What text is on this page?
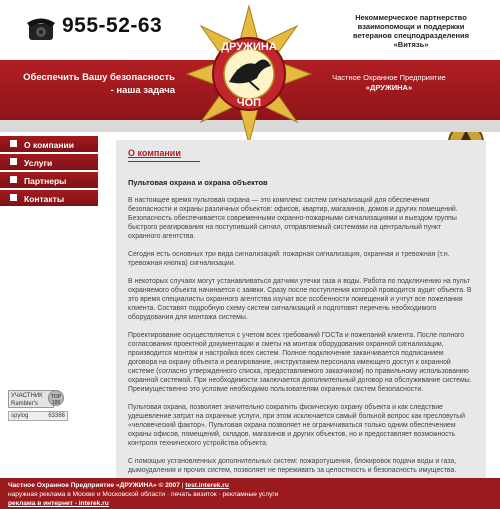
955-52-63	Некоммерческое партнерство
взаимопомощи и поддержки
ветеранов спецподразделения
«Витязь»
Обеспечить Вашу безопасность
- наша задача
Частное Охранное Предприятие
«ДРУЖИНА»
ДРУЖИНА
ЧОП
О компании
Услуги
Партнеры
Контакты
УЧАСТНИК
Rambler's
spylog	63366
TOP 100
О компании
Пультовая охрана и охрана объектов

В настоящее время пультовая охрана — это комплекс систем сигнализаций для обеспечения безопасности и охраны различных объектов: офисов, квартир, магазинов, домов и других помещений. Безопасность обеспечивается современными охранно-пожарными сигнализациями и выездом группы быстрого реагирования на поступивший сигнал, отправляемый системами на центральный пункт охранного агентства.

Сегодня есть основных три вида сигнализаций: пожарная сигнализация, охранная и тревожная (т.н. тревожная кнопка) сигнализации.

В некоторых случаях могут устанавливаться датчики утечки газа и воды. Работа по подключению на пульт охраняемого объекта начинается с заявки. Сразу после поступления которой проводится аудит объекта. В это время специалисты охранного агентства изучат все особенности помещений и учтут все пожелания клиента. Составят подробную схему систем сигнализаций и подготовят перечень необходимого оборудования для монтажа системы.

Проектирование осуществляется с учетом всех требований ГОСТа и пожеланий клиента. После полного согласования проектной документации и сметы на монтаж оборудования охранной сигнализации, производится монтаж и настройка всех систем. Полное подключение заканчивается подписанием договора на охрану объекта и реагирование, инструктажем персонала имеющего доступ к охранной системе (согласно утвержденного списка, предоставляемого заказчиком) по правильному использованию охранной системой. При необходимости заключается дополнительный договор на обслуживание системы. Преимущественно это условие необходимо пользователям охранных систем безопасности.

Пультовая охрана, позволяет значительно сократить физическую охрану объекта и как следствие удешевление затрат на охранные услуги, при этом исключается самый больной вопрос как пресловутый «человеческий фактор». Пультовая охрана позволяет не ограничиваться только одним обеспечением охраны офисов, помещений, складов, магазинов и других объектов, но и предоставляет возможность контроля технического устройства объекта.

С помощью установленных дополнительных систем: пожаротушения, блокировок подачи воды и газа, дымоудаления и прочих систем, позволяет не переживать за целостность и безопасность имущества.

Частное Охранное Предприятие «ДРУЖИНА» © 2007 | test.interek.ru
наружная реклама в Москве и Московской области · печать визиток · рекламные услуги
реклама в интернет - interek.ru
